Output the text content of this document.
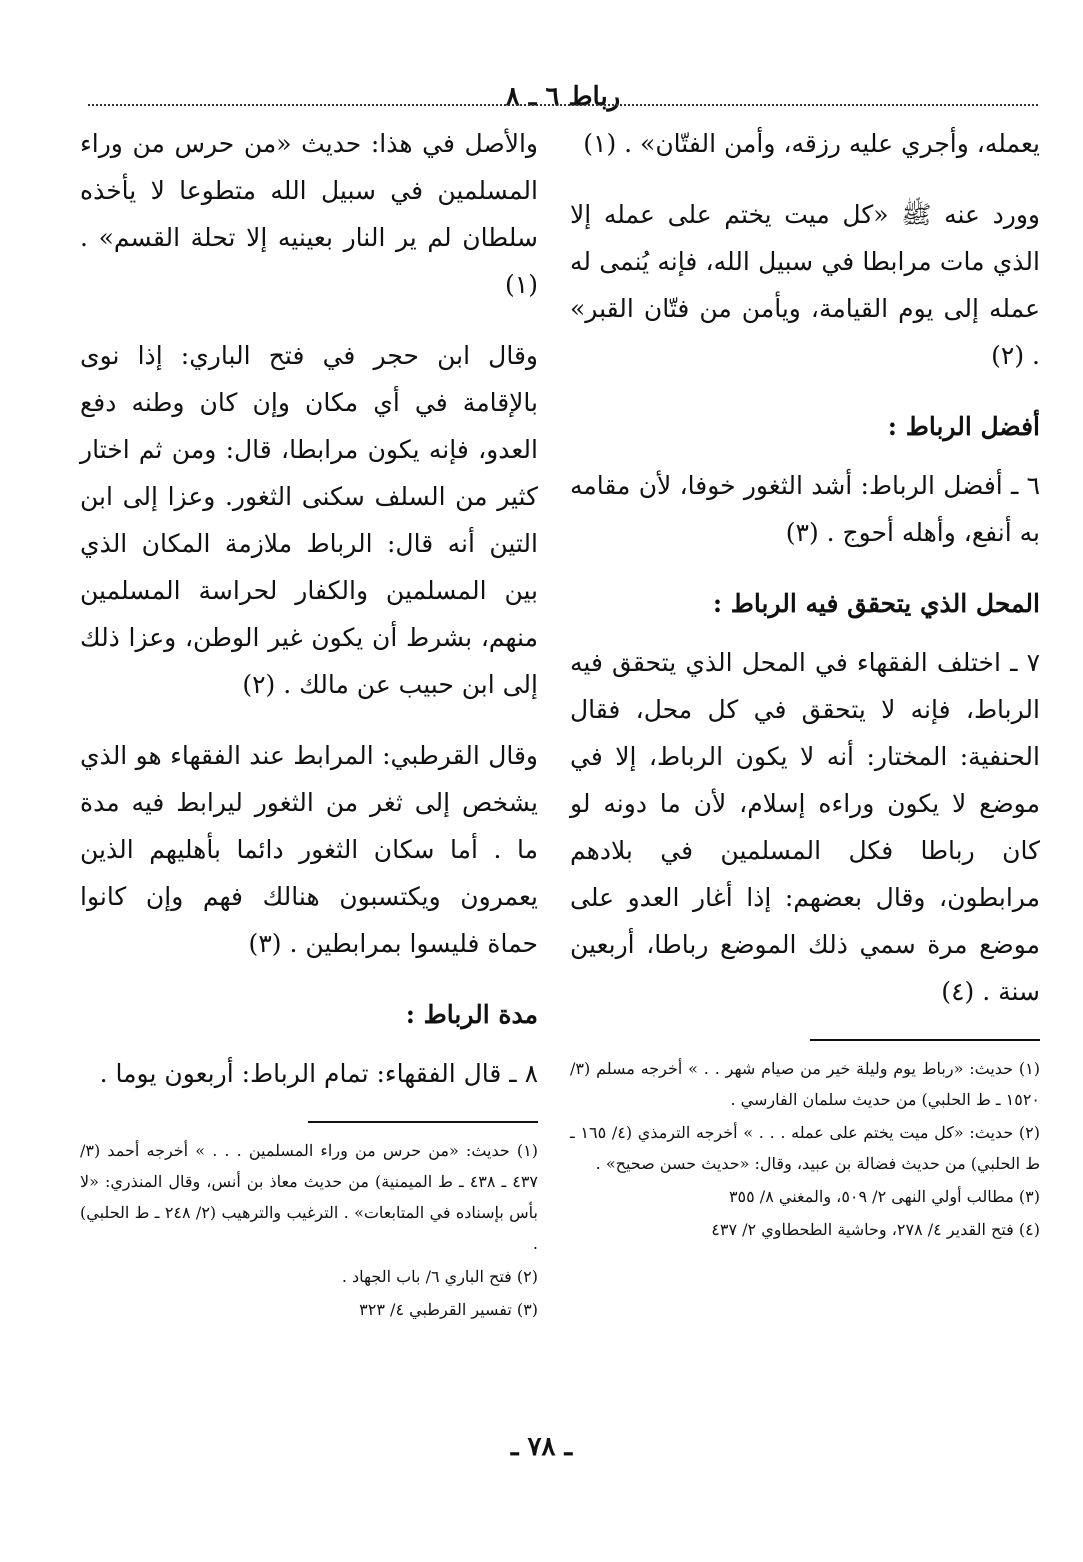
رباط ٦ ـ ٨

يعمله، وأجري عليه رزقه، وأمن الفتّان» . (١)

وورد عنه ﷺ «كل ميت يختم على عمله إلا الذي مات مرابطا في سبيل الله، فإنه يُنمى له عمله إلى يوم القيامة، ويأمن من فتّان القبر» . (٢)

أفضل الرباط :

٦ ـ أفضل الرباط: أشد الثغور خوفا، لأن مقامه به أنفع، وأهله أحوج . (٣)

المحل الذي يتحقق فيه الرباط :

٧ ـ اختلف الفقهاء في المحل الذي يتحقق فيه الرباط، فإنه لا يتحقق في كل محل، فقال الحنفية: المختار: أنه لا يكون الرباط، إلا في موضع لا يكون وراءه إسلام، لأن ما دونه لو كان رباطا فكل المسلمين في بلادهم مرابطون، وقال بعضهم: إذا أغار العدو على موضع مرة سمي ذلك الموضع رباطا، أربعين سنة . (٤)

(١) حديث: «رباط يوم وليلة خير من صيام شهر . . » أخرجه مسلم (٣/ ١٥٢٠ ـ ط الحلبي) من حديث سلمان الفارسي .

(٢) حديث: «كل ميت يختم على عمله . . . » أخرجه الترمذي (٤/ ١٦٥ ـ ط الحلبي) من حديث فضالة بن عبيد، وقال: «حديث حسن صحيح» .

(٣) مطالب أولي النهى ٢/ ٥٠٩، والمغني ٨/ ٣٥٥

(٤) فتح القدير ٤/ ٢٧٨، وحاشية الطحطاوي ٢/ ٤٣٧

والأصل في هذا: حديث «من حرس من وراء المسلمين في سبيل الله متطوعا لا يأخذه سلطان لم ير النار بعينيه إلا تحلة القسم» . (١)

وقال ابن حجر في فتح الباري: إذا نوى بالإقامة في أي مكان وإن كان وطنه دفع العدو، فإنه يكون مرابطا، قال: ومن ثم اختار كثير من السلف سكنى الثغور. وعزا إلى ابن التين أنه قال: الرباط ملازمة المكان الذي بين المسلمين والكفار لحراسة المسلمين منهم، بشرط أن يكون غير الوطن، وعزا ذلك إلى ابن حبيب عن مالك . (٢)

وقال القرطبي: المرابط عند الفقهاء هو الذي يشخص إلى ثغر من الثغور ليرابط فيه مدة ما . أما سكان الثغور دائما بأهليهم الذين يعمرون ويكتسبون هنالك فهم وإن كانوا حماة فليسوا بمرابطين . (٣)

مدة الرباط :

٨ ـ قال الفقهاء: تمام الرباط: أربعون يوما .

(١) حديث: «من حرس من وراء المسلمين . . . » أخرجه أحمد (٣/ ٤٣٧ ـ ٤٣٨ ـ ط الميمنية) من حديث معاذ بن أنس، وقال المنذري: «لا بأس بإسناده في المتابعات» . الترغيب والترهيب (٢/ ٢٤٨ ـ ط الحلبي) .

(٢) فتح الباري ٦/ باب الجهاد .

(٣) تفسير القرطبي ٤/ ٣٢٣

ـ ٧٨ ـ
